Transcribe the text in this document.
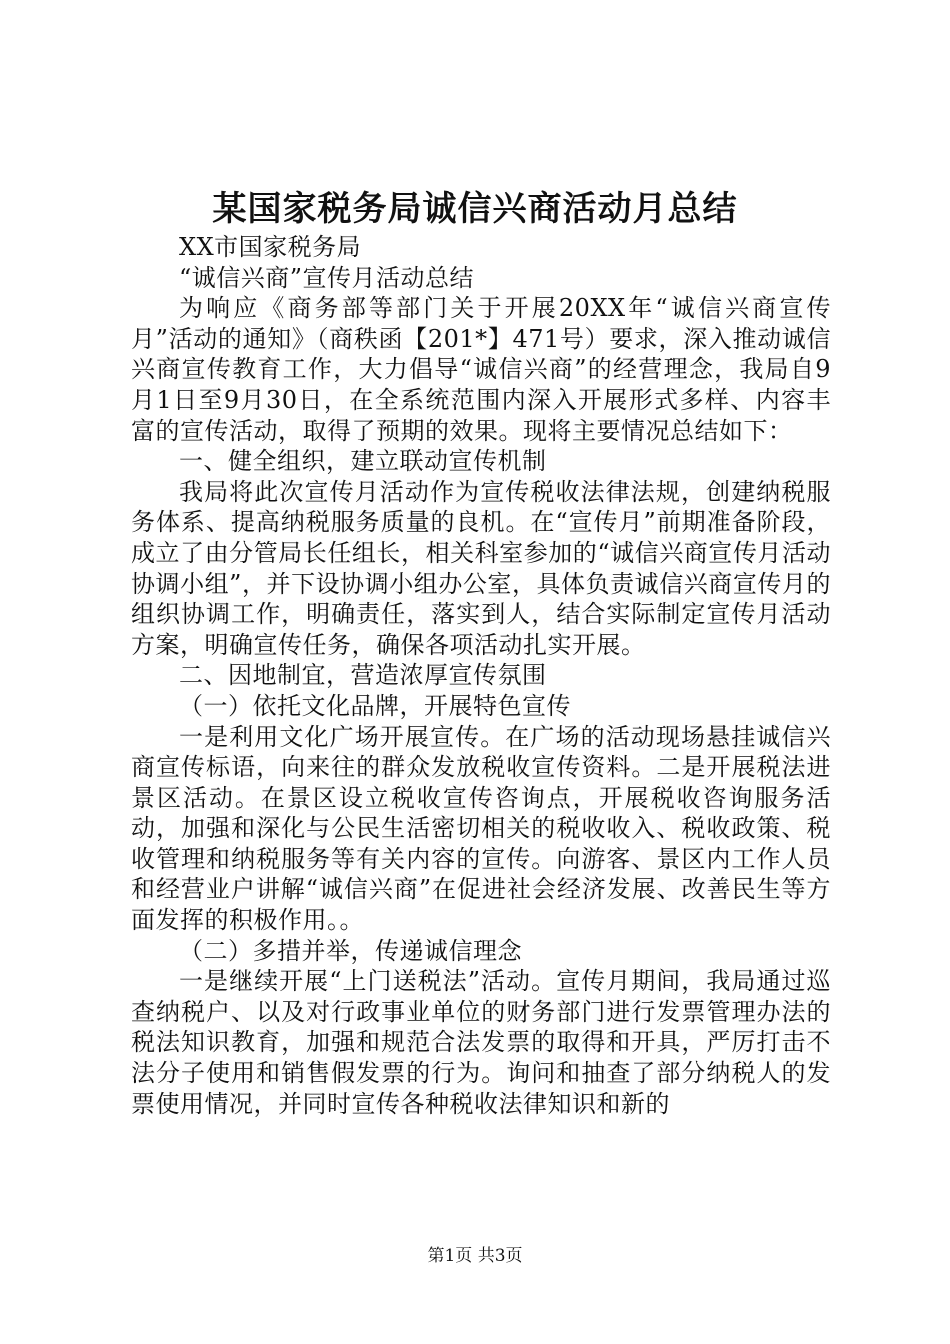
某国家税务局诚信兴商活动月总结

XX市国家税务局

“诚信兴商”宣传月活动总结

为响应《商务部等部门关于开展20XX年“诚信兴商宣传月”活动的通知》（商秩函【201*】471号）要求，深入推动诚信兴商宣传教育工作，大力倡导“诚信兴商”的经营理念，我局自9月1日至9月30日，在全系统范围内深入开展形式多样、内容丰富的宣传活动，取得了预期的效果。现将主要情况总结如下：

一、健全组织，建立联动宣传机制

我局将此次宣传月活动作为宣传税收法律法规，创建纳税服务体系、提高纳税服务质量的良机。在“宣传月”前期准备阶段，成立了由分管局长任组长，相关科室参加的“诚信兴商宣传月活动协调小组”，并下设协调小组办公室，具体负责诚信兴商宣传月的组织协调工作，明确责任，落实到人，结合实际制定宣传月活动方案，明确宣传任务，确保各项活动扎实开展。

二、因地制宜，营造浓厚宣传氛围

（一）依托文化品牌，开展特色宣传

一是利用文化广场开展宣传。在广场的活动现场悬挂诚信兴商宣传标语，向来往的群众发放税收宣传资料。二是开展税法进景区活动。在景区设立税收宣传咨询点，开展税收咨询服务活动，加强和深化与公民生活密切相关的税收收入、税收政策、税收管理和纳税服务等有关内容的宣传。向游客、景区内工作人员和经营业户讲解“诚信兴商”在促进社会经济发展、改善民生等方面发挥的积极作用。。

（二）多措并举，传递诚信理念

一是继续开展“上门送税法”活动。宣传月期间，我局通过巡查纳税户、以及对行政事业单位的财务部门进行发票管理办法的税法知识教育，加强和规范合法发票的取得和开具，严厉打击不法分子使用和销售假发票的行为。询问和抽查了部分纳税人的发票使用情况，并同时宣传各种税收法律知识和新的

第1页 共3页
